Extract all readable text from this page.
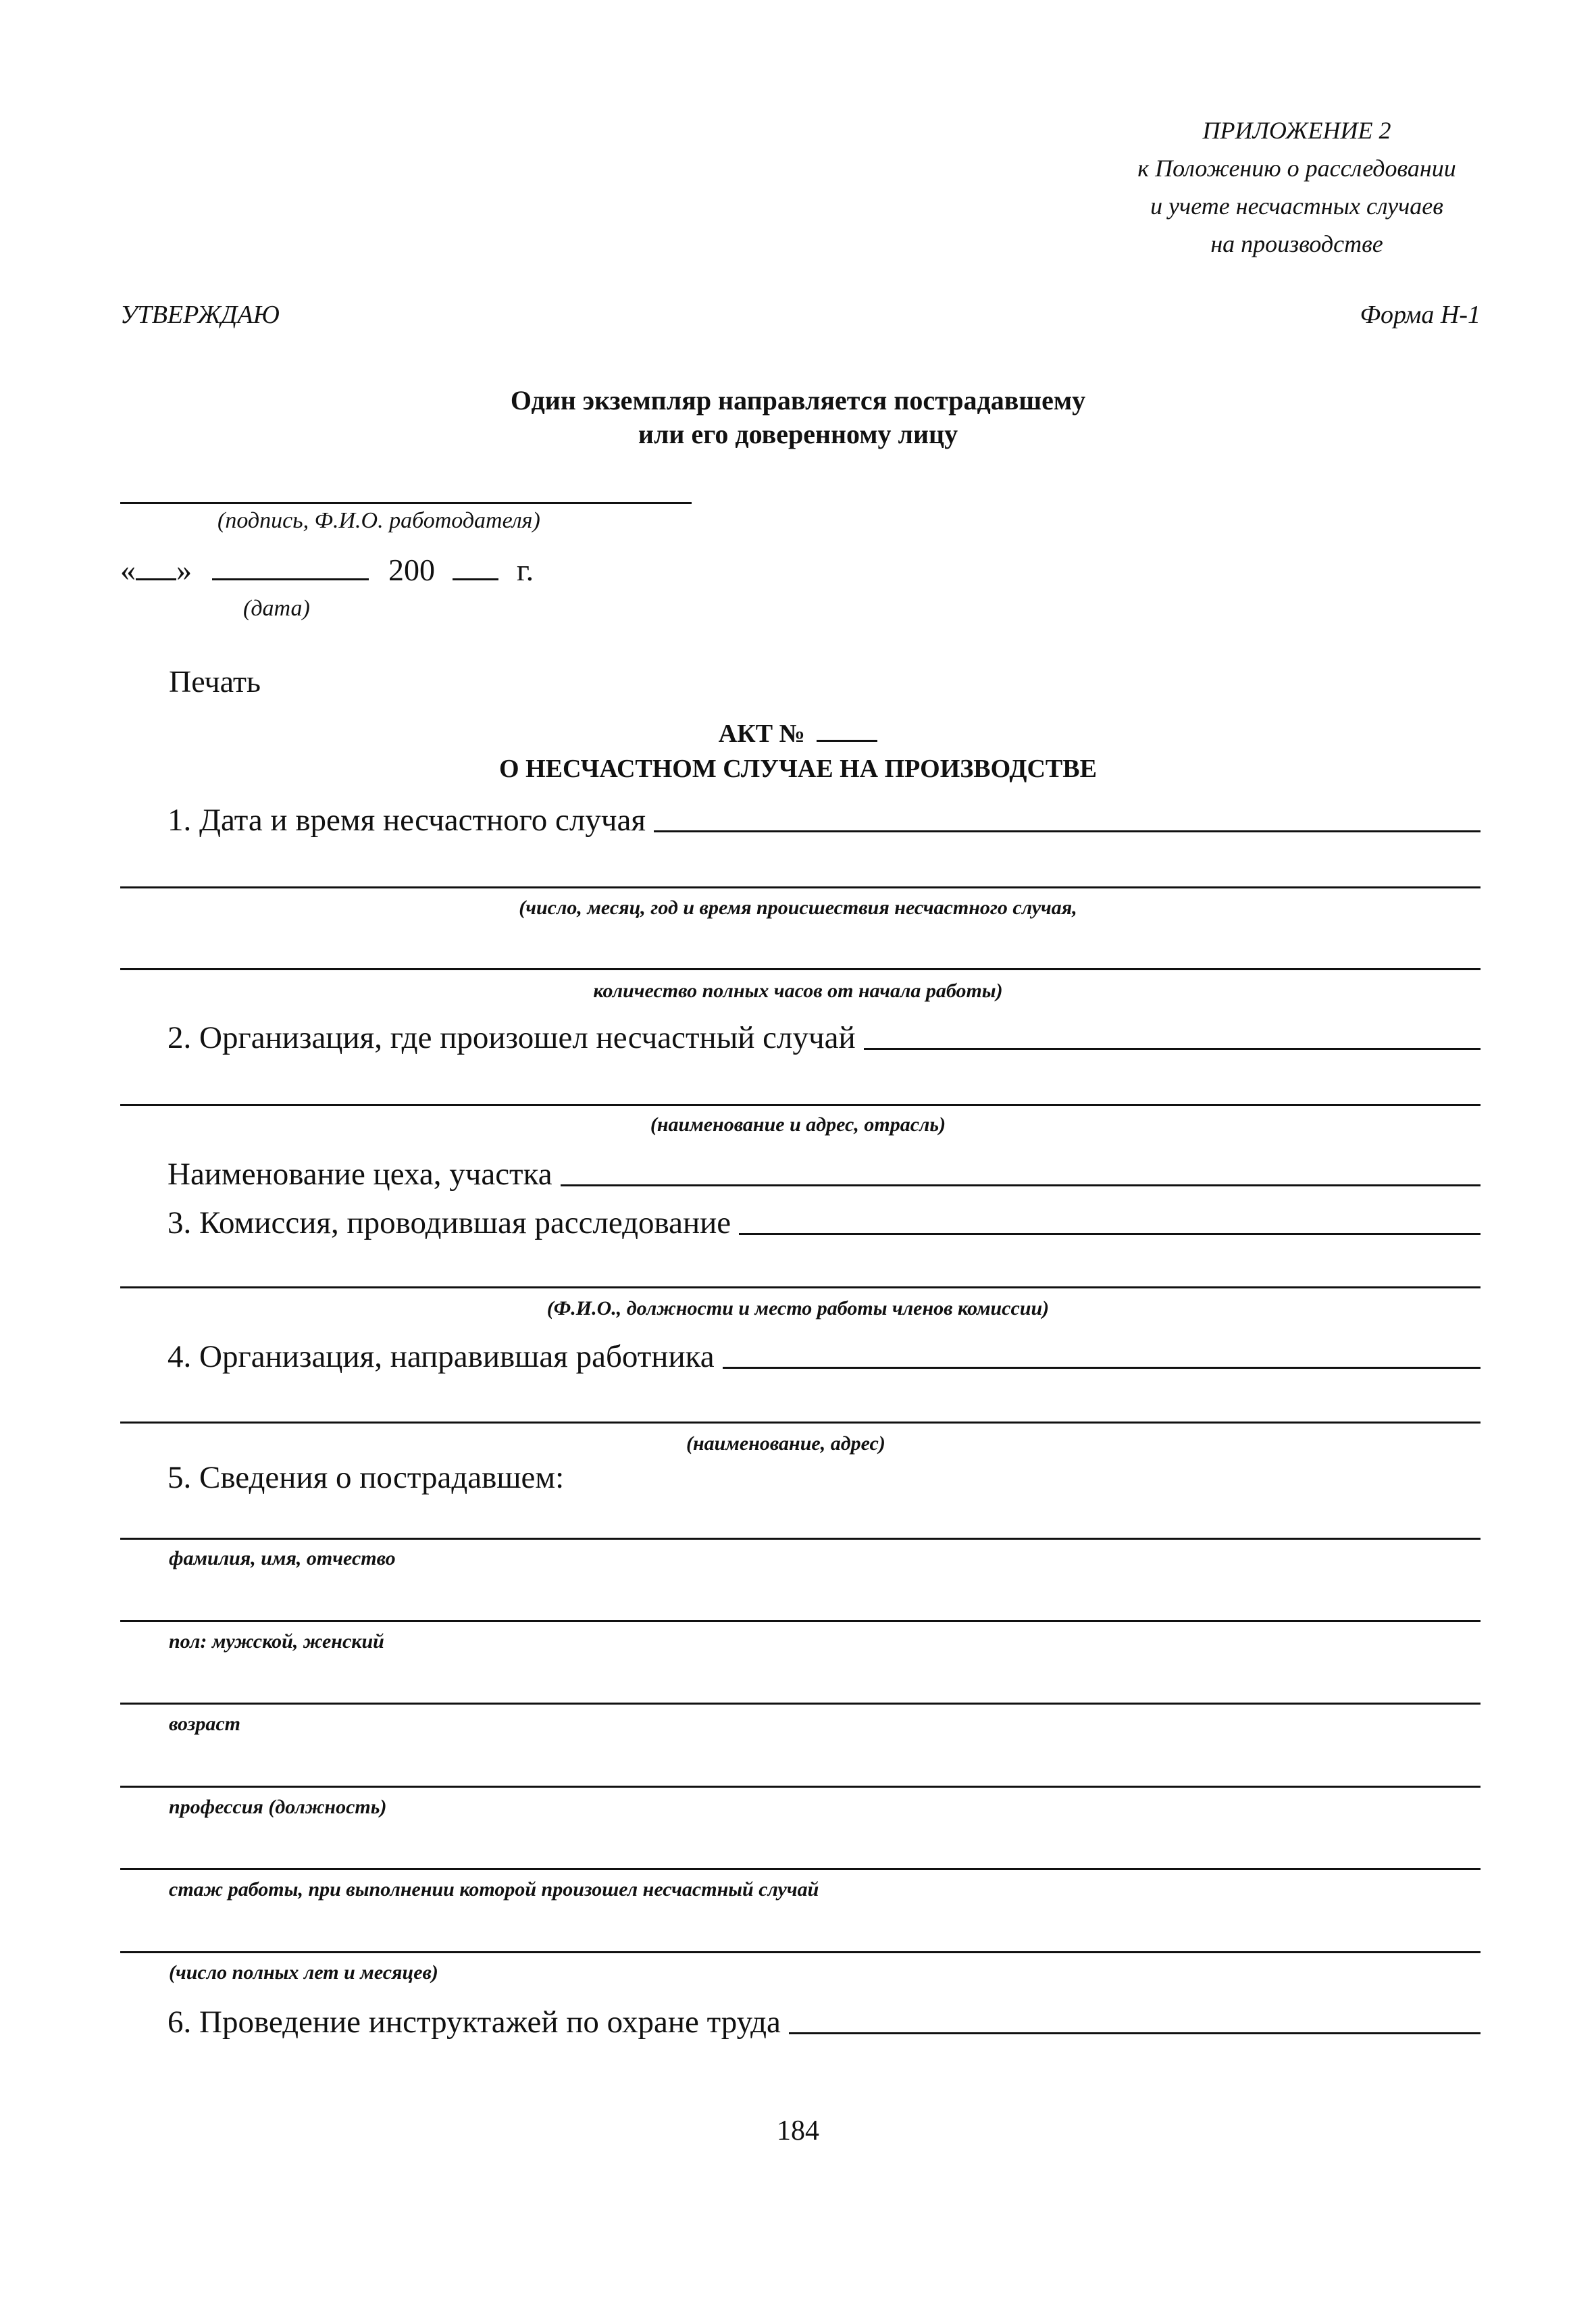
ПРИЛОЖЕНИЕ 2
к Положению о расследовании
и учете несчастных случаев
на производстве
УТВЕРЖДАЮ	Форма Н-1
Один экземпляр направляется пострадавшему
или его доверенному лицу
(подпись, Ф.И.О. работодателя)
« »	200	г.
(дата)
Печать
АКТ №
О НЕСЧАСТНОМ СЛУЧАЕ НА ПРОИЗВОДСТВЕ
1. Дата и время несчастного случая
(число, месяц, год и время происшествия несчастного случая,
количество полных часов от начала работы)
2. Организация, где произошел несчастный случай
(наименование и адрес, отрасль)
Наименование цеха, участка
3. Комиссия, проводившая расследование
(Ф.И.О., должности и место работы членов комиссии)
4. Организация, направившая работника
(наименование, адрес)
5. Сведения о пострадавшем:
фамилия, имя, отчество
пол: мужской, женский
возраст
профессия (должность)
стаж работы, при выполнении которой произошел несчастный случай
(число полных лет и месяцев)
6. Проведение инструктажей по охране труда
184
